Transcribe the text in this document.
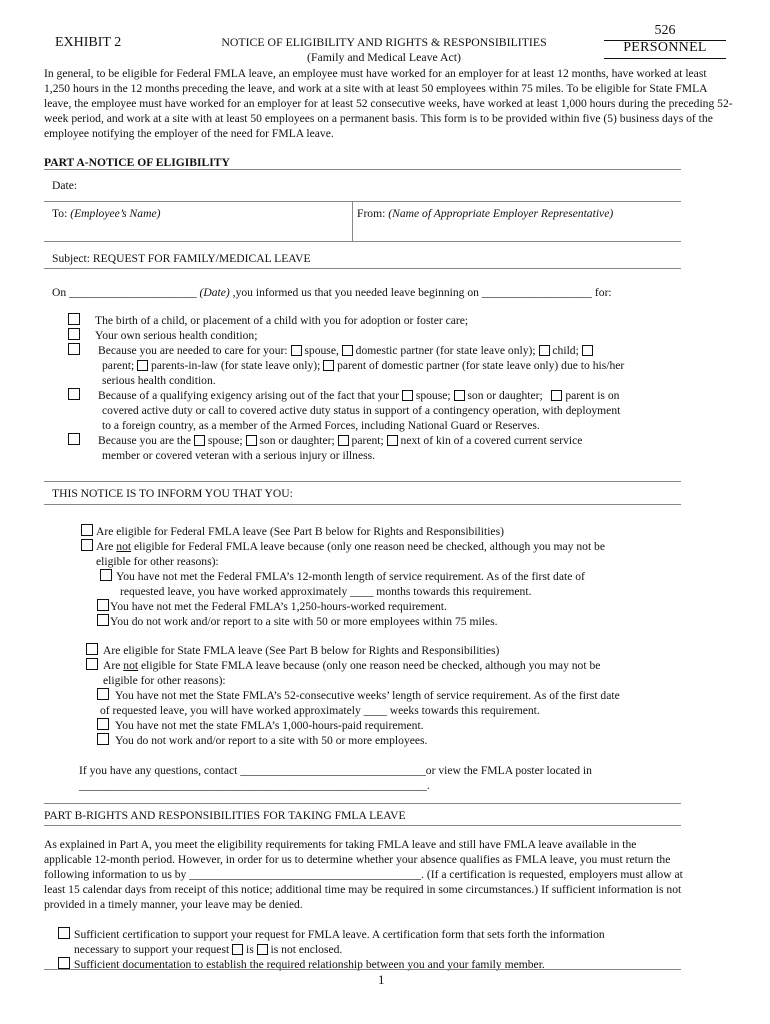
EXHIBIT 2	NOTICE OF ELIGIBILITY AND RIGHTS & RESPONSIBILITIES
(Family and Medical Leave Act)
526
PERSONNEL
In general, to be eligible for Federal FMLA leave, an employee must have worked for an employer for at least 12 months, have worked at least 1,250 hours in the 12 months preceding the leave, and work at a site with at least 50 employees within 75 miles. To be eligible for State FMLA leave, the employee must have worked for an employer for at least 52 consecutive weeks, have worked at least 1,000 hours during the preceding 52-week period, and work at a site with at least 50 employees on a permanent basis. This form is to be provided within five (5) business days of the employee notifying the employer of the need for FMLA leave.
PART A-NOTICE OF ELIGIBILITY
Date:
To: (Employee’s Name)	From: (Name of Appropriate Employer Representative)
Subject: REQUEST FOR FAMILY/MEDICAL LEAVE
On ______________________ (Date) ,you informed us that you needed leave beginning on ___________________ for:
The birth of a child, or placement of a child with you for adoption or foster care;
Your own serious health condition;
Because you are needed to care for your:  spouse,  domestic partner (for state leave only);  child;
parent;  parents-in-law (for state leave only);  parent of domestic partner (for state leave only) due to his/her
serious health condition.
Because of a qualifying exigency arising out of the fact that your  spouse;  son or daughter;    parent is on
covered active duty or call to covered active duty status in support of a contingency operation, with deployment
to a foreign country, as a member of the Armed Forces, including National Guard or Reserves.
Because you are the  spouse;  son or daughter;  parent;  next of kin of a covered current service
member or covered veteran with a serious injury or illness.
THIS NOTICE IS TO INFORM YOU THAT YOU:
Are eligible for Federal FMLA leave (See Part B below for Rights and Responsibilities)
Are not eligible for Federal FMLA leave because (only one reason need be checked, although you may not be
eligible for other reasons):
You have not met the Federal FMLA’s 12-month length of service requirement. As of the first date of
requested leave, you have worked approximately ____ months towards this requirement.
You have not met the Federal FMLA’s 1,250-hours-worked requirement.
You do not work and/or report to a site with 50 or more employees within 75 miles.
Are eligible for State FMLA leave (See Part B below for Rights and Responsibilities)
Are not eligible for State FMLA leave because (only one reason need be checked, although you may not be
eligible for other reasons):
You have not met the State FMLA’s 52-consecutive weeks’ length of service requirement. As of the first date
of requested leave, you will have worked approximately ____ weeks towards this requirement.
You have not met the state FMLA’s 1,000-hours-paid requirement.
You do not work and/or report to a site with 50 or more employees.
If you have any questions, contact ________________________________or view the FMLA poster located in
____________________________________________________________.
PART B-RIGHTS AND RESPONSIBILITIES FOR TAKING FMLA LEAVE
As explained in Part A, you meet the eligibility requirements for taking FMLA leave and still have FMLA leave available in the applicable 12-month period. However, in order for us to determine whether your absence qualifies as FMLA leave, you must return the following information to us by ________________________________________. (If a certification is requested, employers must allow at least 15 calendar days from receipt of this notice; additional time may be required in some circumstances.) If sufficient information is not provided in a timely manner, your leave may be denied.
Sufficient certification to support your request for FMLA leave. A certification form that sets forth the information
necessary to support your request  is  is not enclosed.
Sufficient documentation to establish the required relationship between you and your family member.
1
